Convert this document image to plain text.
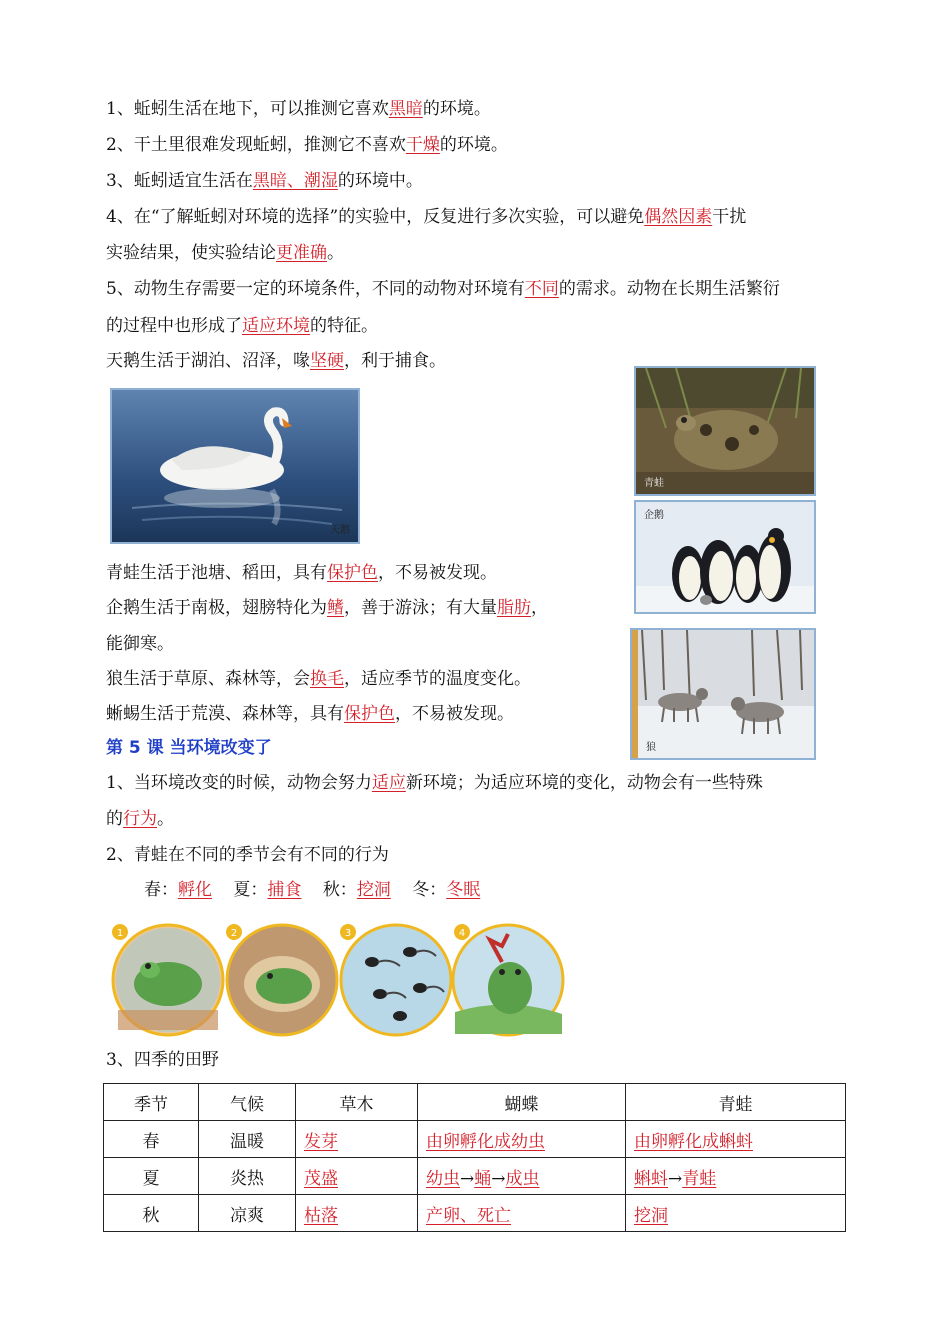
1、蚯蚓生活在地下，可以推测它喜欢黑暗的环境。
2、干土里很难发现蚯蚓，推测它不喜欢干燥的环境。
3、蚯蚓适宜生活在黑暗、潮湿的环境中。
4、在“了解蚯蚓对环境的选择”的实验中，反复进行多次实验，可以避免偶然因素干扰
实验结果，使实验结论更准确。
5、动物生存需要一定的环境条件，不同的动物对环境有不同的需求。动物在长期生活繁衍
的过程中也形成了适应环境的特征。
天鹅生活于湖泊、沼泽，喙坚硬，利于捕食。
天鹅
青蛙
企鹅
狼
青蛙生活于池塘、稻田，具有保护色，不易被发现。
企鹅生活于南极，翅膀特化为鳍，善于游泳；有大量脂肪，
能御寒。
狼生活于草原、森林等，会换毛，适应季节的温度变化。
蜥蜴生活于荒漠、森林等，具有保护色，不易被发现。
第 5 课 当环境改变了
1、当环境改变的时候，动物会努力适应新环境；为适应环境的变化，动物会有一些特殊
的行为。
2、青蛙在不同的季节会有不同的行为
春：孵化 夏：捕食 秋：挖洞 冬：冬眠
1	2	3	4
3、四季的田野
季节	气候	草木	蝴蝶	青蛙
春	温暖	发芽	由卵孵化成幼虫	由卵孵化成蝌蚪
夏	炎热	茂盛	幼虫→蛹→成虫	蝌蚪→青蛙
秋	凉爽	枯落	产卵、死亡	挖洞
